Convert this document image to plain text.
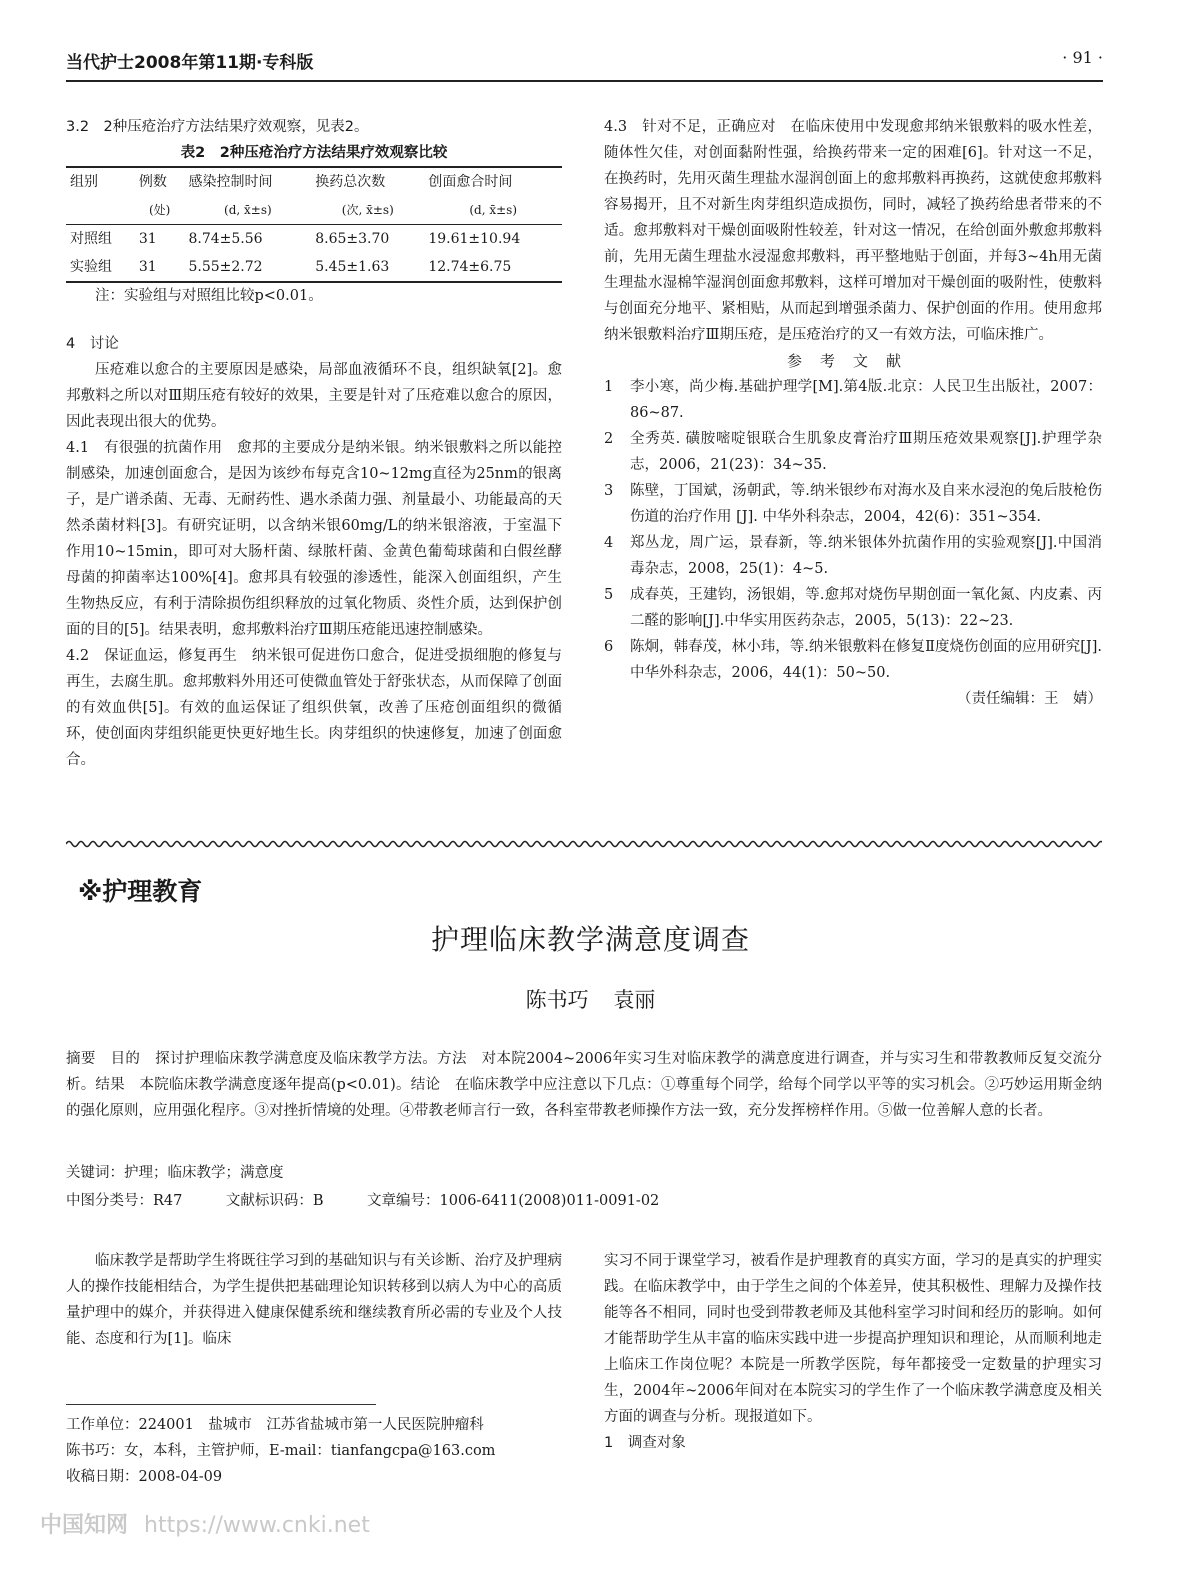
当代护士2008年第11期·专科版	· 91 ·

3.2　2种压疮治疗方法结果疗效观察，见表2。

表2　2种压疮治疗方法结果疗效观察比较
组别	例数	感染控制时间	换药总次数	创面愈合时间
	(处)	(d, x̄±s)	(次, x̄±s)	(d, x̄±s)
对照组	31	8.74±5.56	8.65±3.70	19.61±10.94
实验组	31	5.55±2.72	5.45±1.63	12.74±6.75

注：实验组与对照组比较p<0.01。

4　讨论

压疮难以愈合的主要原因是感染，局部血液循环不良，组织缺氧[2]。愈邦敷料之所以对Ⅲ期压疮有较好的效果，主要是针对了压疮难以愈合的原因，因此表现出很大的优势。

4.1　有很强的抗菌作用　愈邦的主要成分是纳米银。纳米银敷料之所以能控制感染，加速创面愈合，是因为该纱布每克含10~12mg直径为25nm的银离子，是广谱杀菌、无毒、无耐药性、遇水杀菌力强、剂量最小、功能最高的天然杀菌材料[3]。有研究证明，以含纳米银60mg/L的纳米银溶液，于室温下作用10~15min，即可对大肠杆菌、绿脓杆菌、金黄色葡萄球菌和白假丝酵母菌的抑菌率达100%[4]。愈邦具有较强的渗透性，能深入创面组织，产生生物热反应，有利于清除损伤组织释放的过氧化物质、炎性介质，达到保护创面的目的[5]。结果表明，愈邦敷料治疗Ⅲ期压疮能迅速控制感染。

4.2　保证血运，修复再生　纳米银可促进伤口愈合，促进受损细胞的修复与再生，去腐生肌。愈邦敷料外用还可使微血管处于舒张状态，从而保障了创面的有效血供[5]。有效的血运保证了组织供氧，改善了压疮创面组织的微循环，使创面肉芽组织能更快更好地生长。肉芽组织的快速修复，加速了创面愈合。

4.3　针对不足，正确应对　在临床使用中发现愈邦纳米银敷料的吸水性差，随体性欠佳，对创面黏附性强，给换药带来一定的困难[6]。针对这一不足，在换药时，先用灭菌生理盐水湿润创面上的愈邦敷料再换药，这就使愈邦敷料容易揭开，且不对新生肉芽组织造成损伤，同时，减轻了换药给患者带来的不适。愈邦敷料对干燥创面吸附性较差，针对这一情况，在给创面外敷愈邦敷料前，先用无菌生理盐水浸湿愈邦敷料，再平整地贴于创面，并每3~4h用无菌生理盐水湿棉竿湿润创面愈邦敷料，这样可增加对干燥创面的吸附性，使敷料与创面充分地平、紧相贴，从而起到增强杀菌力、保护创面的作用。使用愈邦纳米银敷料治疗Ⅲ期压疮，是压疮治疗的又一有效方法，可临床推广。

参考文献
1	李小寒，尚少梅.基础护理学[M].第4版.北京：人民卫生出版社，2007：86~87.
2	全秀英. 磺胺嘧啶银联合生肌象皮膏治疗Ⅲ期压疮效果观察[J].护理学杂志，2006，21(23)：34~35.
3	陈壁，丁国斌，汤朝武，等.纳米银纱布对海水及自来水浸泡的兔后肢枪伤伤道的治疗作用 [J]. 中华外科杂志，2004，42(6)：351~354.
4	郑丛龙，周广运，景春新，等.纳米银体外抗菌作用的实验观察[J].中国消毒杂志，2008，25(1)：4~5.
5	成春英，王建钧，汤银娟，等.愈邦对烧伤早期创面一氧化氮、内皮素、丙二醛的影响[J].中华实用医药杂志，2005，5(13)：22~23.
6	陈炯，韩春茂，林小玮，等.纳米银敷料在修复Ⅱ度烧伤创面的应用研究[J].中华外科杂志，2006，44(1)：50~50.
（责任编辑：王　婧）
※护理教育
护理临床教学满意度调查
陈书巧 袁丽
摘要　 目的　探讨护理临床教学满意度及临床教学方法。方法　对本院2004~2006年实习生对临床教学的满意度进行调查，并与实习生和带教教师反复交流分析。结果　本院临床教学满意度逐年提高(p<0.01)。结论　在临床教学中应注意以下几点：①尊重每个同学，给每个同学以平等的实习机会。②巧妙运用斯金纳的强化原则，应用强化程序。③对挫折情境的处理。④带教老师言行一致，各科室带教老师操作方法一致，充分发挥榜样作用。⑤做一位善解人意的长者。
关键词：护理；临床教学；满意度
中图分类号：R47　　　文献标识码：B　　　文章编号：1006-6411(2008)011-0091-02

临床教学是帮助学生将既往学习到的基础知识与有关诊断、治疗及护理病人的操作技能相结合，为学生提供把基础理论知识转移到以病人为中心的高质量护理中的媒介，并获得进入健康保健系统和继续教育所必需的专业及个人技能、态度和行为[1]。临床

实习不同于课堂学习，被看作是护理教育的真实方面，学习的是真实的护理实践。在临床教学中，由于学生之间的个体差异，使其积极性、理解力及操作技能等各不相同，同时也受到带教老师及其他科室学习时间和经历的影响。如何才能帮助学生从丰富的临床实践中进一步提高护理知识和理论，从而顺利地走上临床工作岗位呢？本院是一所教学医院，每年都接受一定数量的护理实习生，2004年~2006年间对在本院实习的学生作了一个临床教学满意度及相关方面的调查与分析。现报道如下。

1　调查对象

工作单位：224001　盐城市　江苏省盐城市第一人民医院肿瘤科
陈书巧：女，本科，主管护师，E-mail：tianfangcpa@163.com
收稿日期：2008-04-09
中国知网 https://www.cnki.net
